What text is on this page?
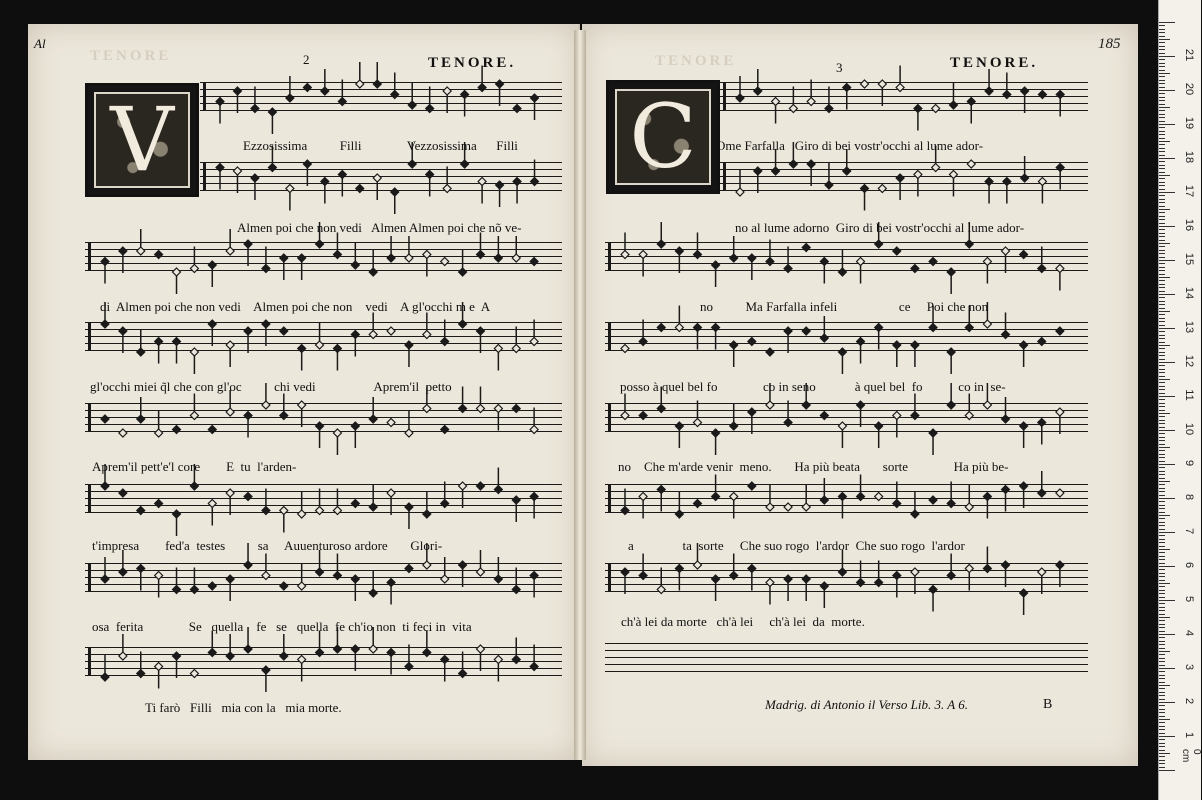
TENORE	2	TENORE.
Al
V
TENORE	3	TENORE.
185
C
Ezzosissima          Filli              Vezzosissima      Filli
Almen poi che non vedi   Almen Almen poi che nõ ve-
di  Almen poi che non vedi    Almen poi che non    vedi    A gl'occhi m e  A
gl'occhi miei q̃l che con gl'oc          chi vedi                  Aprem'il  petto
Aprem'il pett'e'l core        E  tu  l'arden-
t'impresa        fed'a  testes          sa     Auuenturoso ardore       Glori-
osa  ferita              Se   quella    fe   se   quella  fe ch'io non  ti feci in  vita
Ti farò   Filli   mia con la   mia morte.
Ome Farfalla   Giro di bei vostr'occhi al lume ador-
no al lume adorno  Giro di bei vostr'occhi al lume ador-
no          Ma Farfalla infeli                   ce     Poi che non
posso à quel bel fo              co in seno            à quel bel  fo           co in  se-
no    Che m'arde venir  meno.       Ha più beata       sorte              Ha più be-
a               ta  sorte     Che suo rogo  l'ardor  Che suo rogo  l'ardor
ch'à lei da morte   ch'à lei     ch'à lei  da  morte.
Madrig. di Antonio il Verso Lib. 3. A 6.	B
0 cm
1
2
3
4
5
6
7
8
9
10
11
12
13
14
15
16
17
18
19
20
21
